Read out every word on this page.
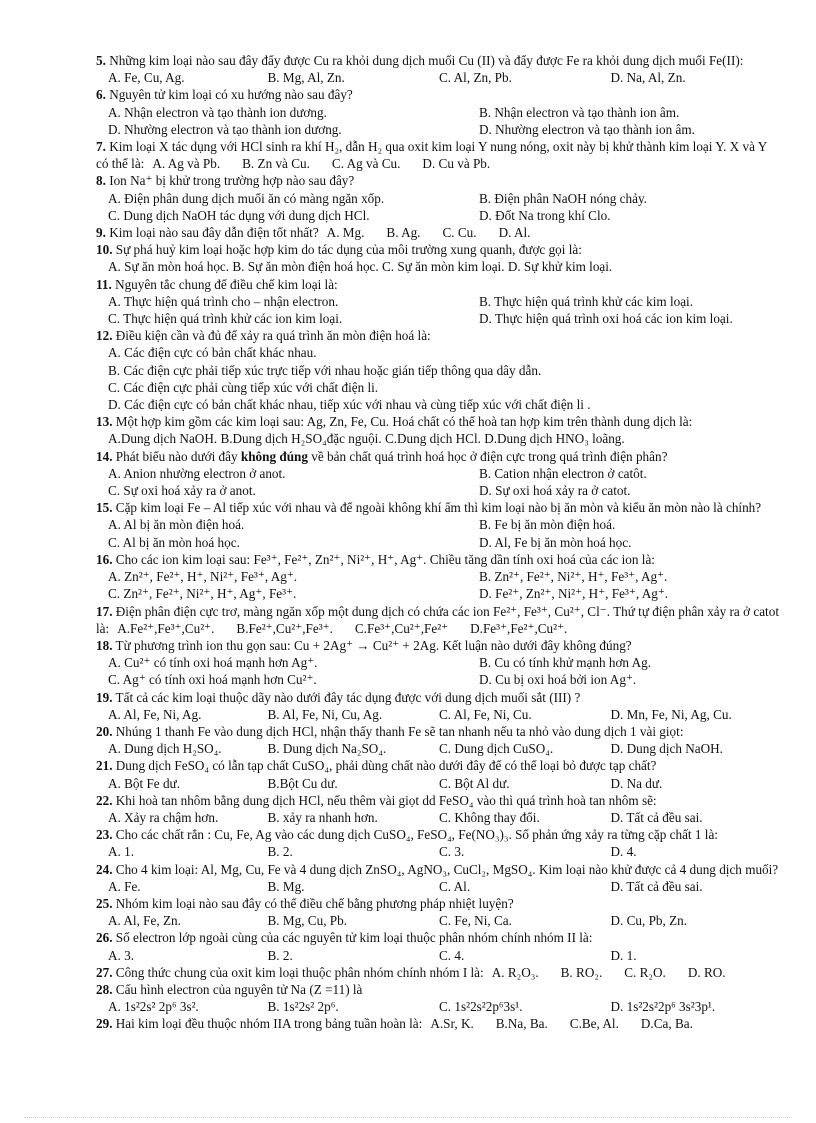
5. Những kim loại nào sau đây đẩy được Cu ra khỏi dung dịch muối Cu (II) và đẩy được Fe ra khỏi dung dịch muối Fe(II):
A. Fe, Cu, Ag.	B. Mg, Al, Zn.	C. Al, Zn, Pb.	D. Na, Al, Zn.
6. Nguyên tử kim loại có xu hướng nào sau đây?
A. Nhận electron và tạo thành ion dương.	B. Nhận electron và tạo thành ion âm.
D. Nhường electron và tạo thành ion dương.	D. Nhường electron và tạo thành ion âm.
7. Kim loại X tác dụng với HCl sinh ra khí H₂, dẫn H₂ qua oxit kim loại Y nung nóng, oxit này bị khử thành kim loại Y. X và Y có thể là: A. Ag và Pb. B. Zn và Cu. C. Ag và Cu. D. Cu và Pb.
8. Ion Na⁺ bị khử trong trường hợp nào sau đây?
A. Điện phân dung dịch muối ăn có màng ngăn xốp.	B. Điện phân NaOH nóng chảy.
C. Dung dịch NaOH tác dụng với dung dịch HCl.	D. Đốt Na trong khí Clo.
9. Kim loại nào sau đây dẫn điện tốt nhất? A. Mg. B. Ag. C. Cu. D. Al.
10. Sự phá huỷ kim loại hoặc hợp kim do tác dụng của môi trường xung quanh, được gọi là:
A. Sự ăn mòn hoá học. B. Sự ăn mòn điện hoá học. C. Sự ăn mòn kim loại. D. Sự khử kim loại.
11. Nguyên tắc chung để điều chế kim loại là:
A. Thực hiện quá trình cho – nhận electron.	B. Thực hiện quá trình khử các kim loại.
C. Thực hiện quá trình khử các ion kim loại.	D. Thực hiện quá trình oxi hoá các ion kim loại.
12. Điều kiện cần và đủ để xảy ra quá trình ăn mòn điện hoá là:
A. Các điện cực có bản chất khác nhau.
B. Các điện cực phải tiếp xúc trực tiếp với nhau hoặc gián tiếp thông qua dây dẫn.
C. Các điện cực phải cùng tiếp xúc với chất điện li.
D. Các điện cực có bản chất khác nhau, tiếp xúc với nhau và cùng tiếp xúc với chất điện li .
13. Một hợp kim gồm các kim loại sau: Ag, Zn, Fe, Cu. Hoá chất có thể hoà tan hợp kim trên thành dung dịch là:
A.Dung dịch NaOH. B.Dung dịch H₂SO₄đặc nguội. C.Dung dịch HCl. D.Dung dịch HNO₃ loãng.
14. Phát biểu nào dưới đây không đúng về bản chất quá trình hoá học ở điện cực trong quá trình điện phân?
A. Anion nhường electron ở anot.	B. Cation nhận electron ở catôt.
C. Sự oxi hoá xảy ra ở anot.	D. Sự oxi hoá xảy ra ở catot.
15. Cặp kim loại Fe – Al tiếp xúc với nhau và để ngoài không khí ẩm thì kim loại nào bị ăn mòn và kiểu ăn mòn nào là chính?
A. Al bị ăn mòn điện hoá.	B. Fe bị ăn mòn điện hoá.
C. Al bị ăn mòn hoá học.	D. Al, Fe bị ăn mòn hoá học.
16. Cho các ion kim loại sau: Fe³⁺, Fe²⁺, Zn²⁺, Ni²⁺, H⁺, Ag⁺. Chiều tăng dần tính oxi hoá của các ion là:
A. Zn²⁺, Fe²⁺, H⁺, Ni²⁺, Fe³⁺, Ag⁺.	B. Zn²⁺, Fe²⁺, Ni²⁺, H⁺, Fe³⁺, Ag⁺.
C. Zn²⁺, Fe²⁺, Ni²⁺, H⁺, Ag⁺, Fe³⁺.	D. Fe²⁺, Zn²⁺, Ni²⁺, H⁺, Fe³⁺, Ag⁺.
17. Điện phân điện cực trơ, màng ngăn xốp một dung dịch có chứa các ion Fe²⁺, Fe³⁺, Cu²⁺, Cl⁻. Thứ tự điện phân xảy ra ở catot là: A.Fe²⁺,Fe³⁺,Cu²⁺. B.Fe²⁺,Cu²⁺,Fe³⁺. C.Fe³⁺,Cu²⁺,Fe²⁺ D.Fe³⁺,Fe²⁺,Cu²⁺.
18. Từ phương trình ion thu gọn sau: Cu + 2Ag⁺ → Cu²⁺ + 2Ag. Kết luận nào dưới đây không đúng?
A. Cu²⁺ có tính oxi hoá mạnh hơn Ag⁺.	B. Cu có tính khử mạnh hơn Ag.
C. Ag⁺ có tính oxi hoá mạnh hơn Cu²⁺.	D. Cu bị oxi hoá bởi ion Ag⁺.
19. Tất cả các kim loại thuộc dãy nào dưới đây tác dụng được với dung dịch muối sắt (III) ?
A. Al, Fe, Ni, Ag.	B. Al, Fe, Ni, Cu, Ag.	C. Al, Fe, Ni, Cu.	D. Mn, Fe, Ni, Ag, Cu.
20. Nhúng 1 thanh Fe vào dung dịch HCl, nhận thấy thanh Fe sẽ tan nhanh nếu ta nhỏ vào dung dịch 1 vài giọt:
A. Dung dịch H₂SO₄.	B. Dung dịch Na₂SO₄.	C. Dung dịch CuSO₄.	D. Dung dịch NaOH.
21. Dung dịch FeSO₄ có lẫn tạp chất CuSO₄, phải dùng chất nào dưới đây để có thể loại bỏ được tạp chất?
A. Bột Fe dư.	B.Bột Cu dư.	C. Bột Al dư.	D. Na dư.
22. Khi hoà tan nhôm bằng dung dịch HCl, nếu thêm vài giọt dd FeSO₄ vào thì quá trình hoà tan nhôm sẽ:
A. Xảy ra chậm hơn.	B. xảy ra nhanh hơn.	C. Không thay đổi.	D. Tất cả đều sai.
23. Cho các chất rắn : Cu, Fe, Ag vào các dung dịch CuSO₄, FeSO₄, Fe(NO₃)₃. Số phản ứng xảy ra từng cặp chất 1 là:
A. 1.	B. 2.	C. 3.	D. 4.
24. Cho 4 kim loại: Al, Mg, Cu, Fe và 4 dung dịch ZnSO₄, AgNO₃, CuCl₂, MgSO₄. Kim loại nào khử được cả 4 dung dịch muối?
A. Fe.	B. Mg.	C. Al.	D. Tất cả đều sai.
25. Nhóm kim loại nào sau đây có thể điều chế bằng phương pháp nhiệt luyện?
A. Al, Fe, Zn.	B. Mg, Cu, Pb.	C. Fe, Ni, Ca.	D. Cu, Pb, Zn.
26. Số electron lớp ngoài cùng của các nguyên tử kim loại thuộc phân nhóm chính nhóm II là:
A. 3.	B. 2.	C. 4.	D. 1.
27. Công thức chung của oxit kim loại thuộc phân nhóm chính nhóm I là: A. R₂O₃. B. RO₂. C. R₂O. D. RO.
28. Cấu hình electron của nguyên tử Na (Z =11) là
A. 1s²2s² 2p⁶ 3s².	B. 1s²2s² 2p⁶.	C. 1s²2s²2p⁶3s¹.	D. 1s²2s²2p⁶ 3s²3p¹.
29. Hai kim loại đều thuộc nhóm IIA trong bảng tuần hoàn là: A.Sr, K. B.Na, Ba. C.Be, Al. D.Ca, Ba.
